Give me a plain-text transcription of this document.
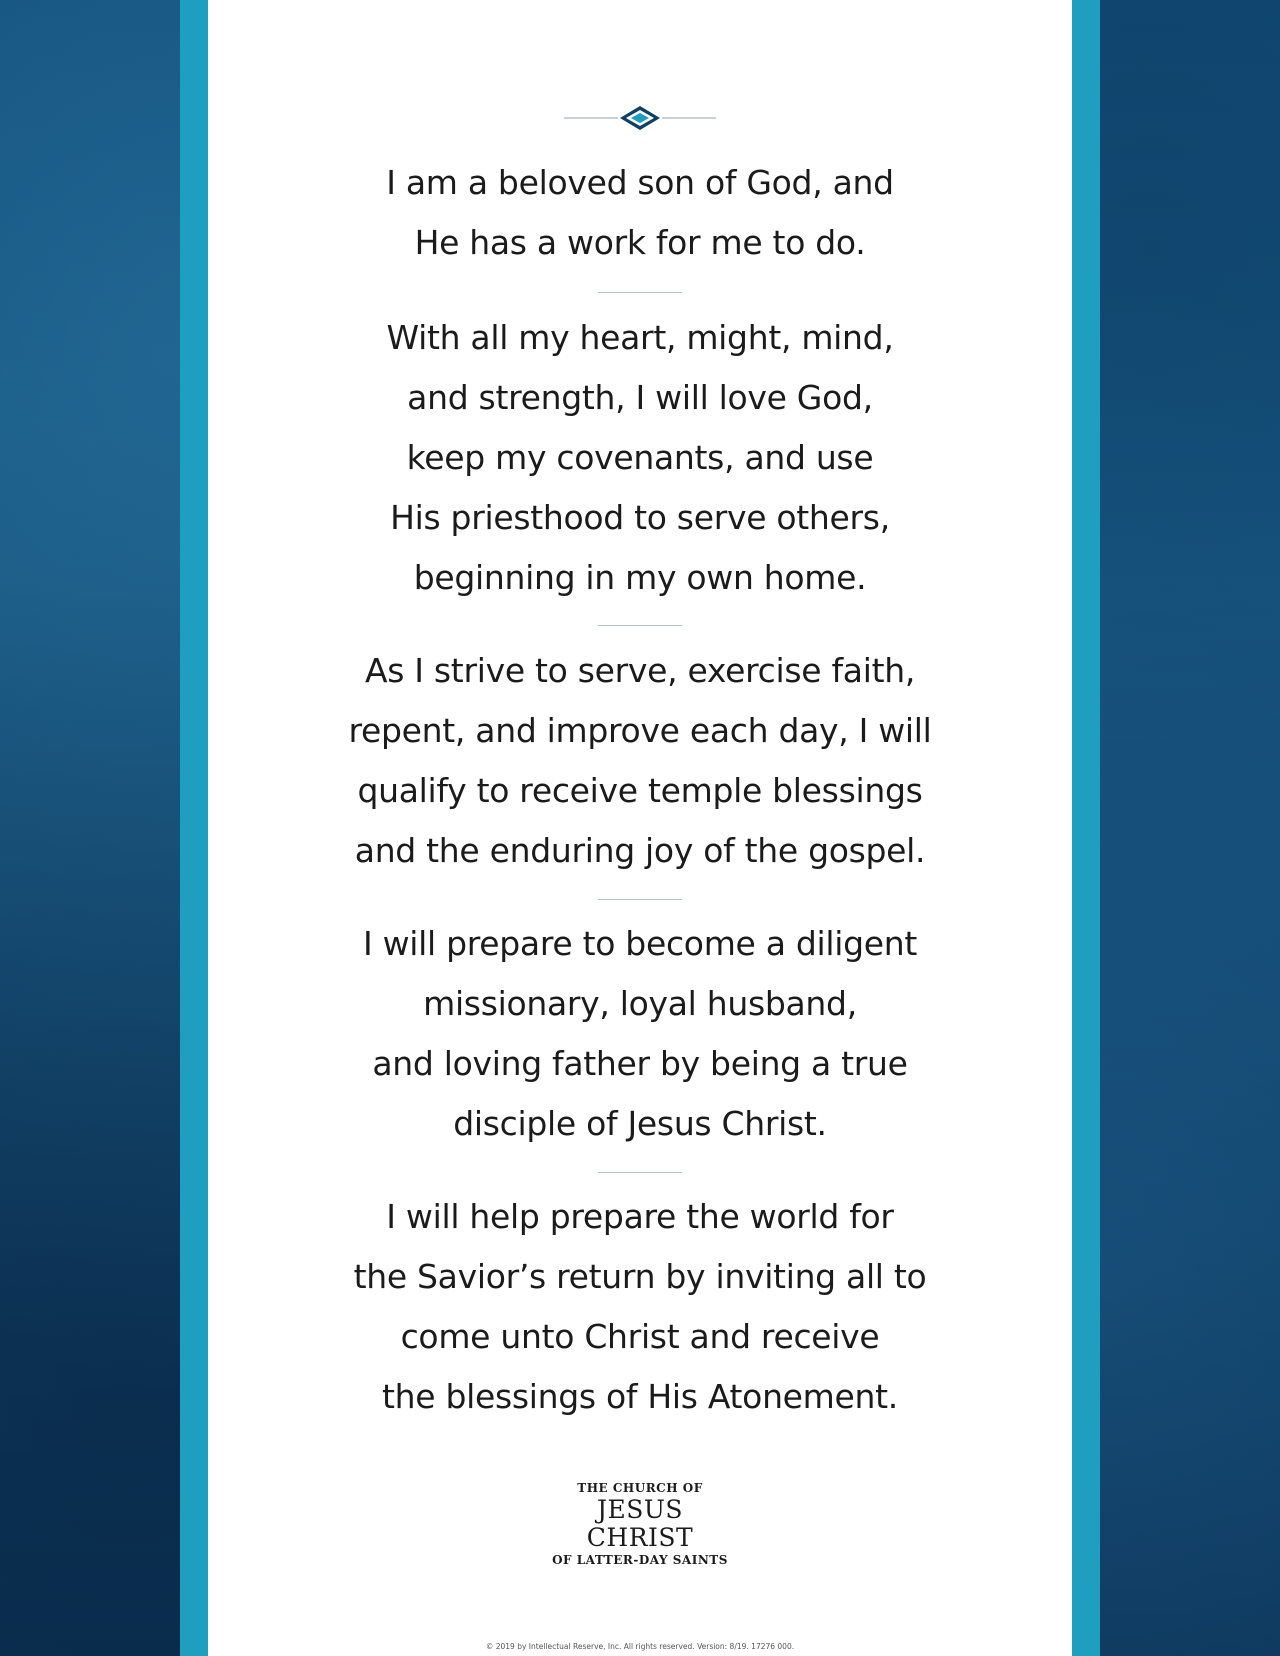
I am a beloved son of God, and
He has a work for me to do.
With all my heart, might, mind,
and strength, I will love God,
keep my covenants, and use
His priesthood to serve others,
beginning in my own home.
As I strive to serve, exercise faith,
repent, and improve each day, I will
qualify to receive temple blessings
and the enduring joy of the gospel.
I will prepare to become a diligent
missionary, loyal husband,
and loving father by being a true
disciple of Jesus Christ.
I will help prepare the world for
the Savior’s return by inviting all to
come unto Christ and receive
the blessings of His Atonement.
THE CHURCH OF
JESUS CHRIST
OF LATTER-DAY SAINTS
© 2019 by Intellectual Reserve, Inc. All rights reserved. Version: 8/19. 17276 000.
